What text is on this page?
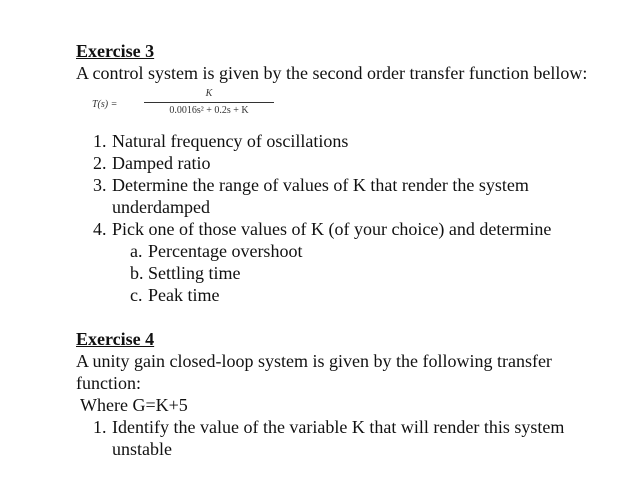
Exercise 3
A control system is given by the second order transfer function bellow:
T(s) =
K
0.0016s² + 0.2s + K
1. Natural frequency of oscillations
2. Damped ratio
3. Determine the range of values of K that render the system underdamped
4. Pick one of those values of K (of your choice) and determine
a. Percentage overshoot
b. Settling time
c. Peak time
Exercise 4
A unity gain closed-loop system is given by the following transfer function:
Where G=K+5
1. Identify the value of the variable K that will render this system unstable
